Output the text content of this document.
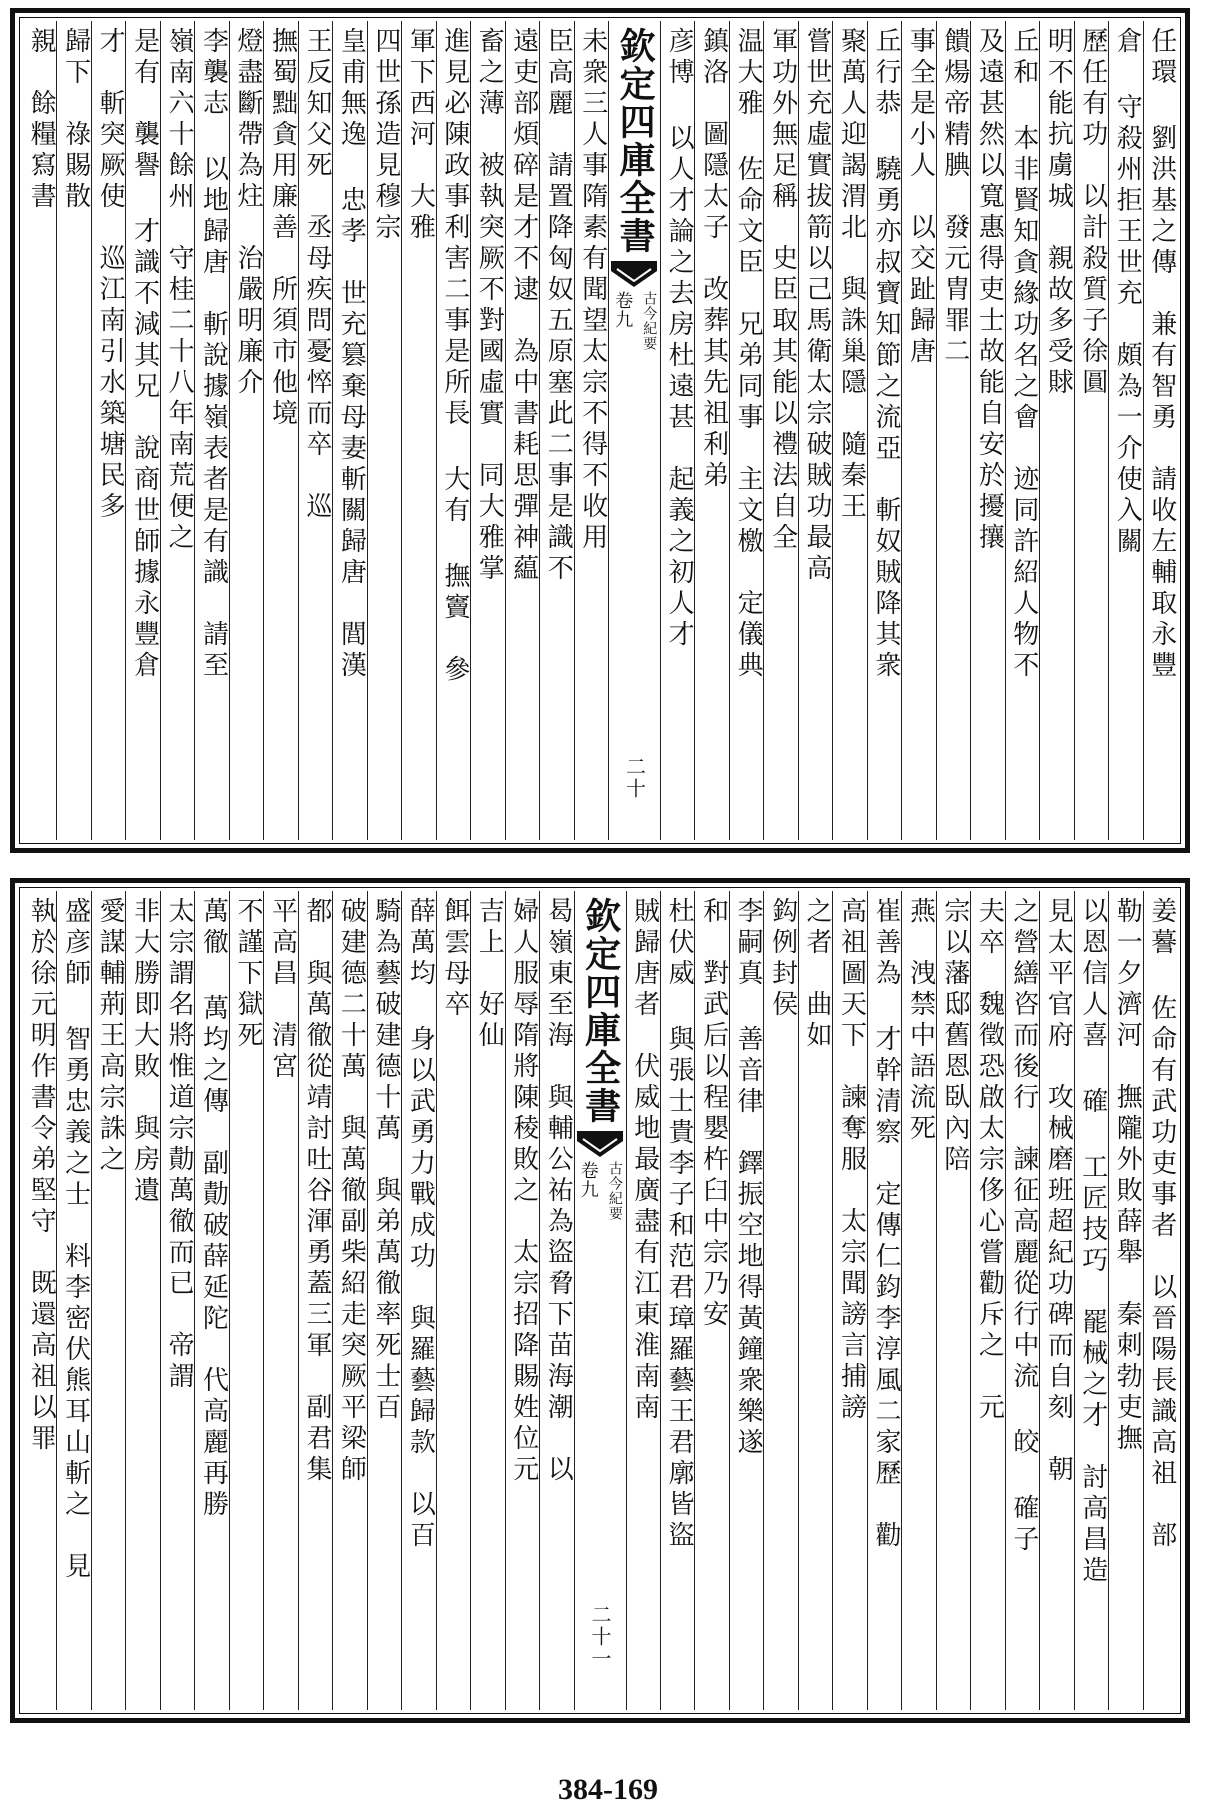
任環 劉洪基之傳　兼有智勇　請收左輔取永豐
倉 守殺州拒王世充　頗為一介使入關
歷任有功　以計殺質子徐圓
明不能抗虜城　親故多受賕
丘和 本非賢知貪緣功名之會　迹同許紹人物不
及遠甚然以寬惠得吏士故能自安於擾攘
饋煬帝精腆　發元胄罪二
事全是小人　以交趾歸唐
丘行恭 驍勇亦叔寶知節之流亞　斬奴賊降其衆
聚萬人迎謁渭北　與誅巢隱　隨秦王
嘗世充虛實拔箭以己馬衛太宗破賊功最高
軍功外無足稱　史臣取其能以禮法自全
温大雅 佐命文臣　兄弟同事　主文檄　定儀典
鎮洛　圖隱太子　改葬其先祖利弟
彦博 以人才論之去房杜遠甚　起義之初人才
欽定四庫全書
古今紀要
卷九
二十
未衆三人事隋素有聞望太宗不得不收用
臣高麗　請置降匈奴五原塞此二事是識不
遠吏部煩碎是才不逮　為中書耗思彈神藴
畜之薄　被執突厥不對國虛實　同大雅掌
進見必陳政事利害二事是所長 大有 撫竇　參
軍下西河　大雅
四世孫造見穆宗
皇甫無逸 忠孝　世充篡棄母妻斬關歸唐　閭漢
王反知父死　丞母疾問憂悴而卒　巡
撫蜀黜貪用廉善　所須市他境
燈盡斷帶為炷　治嚴明廉介
李襲志 以地歸唐　斬說據嶺表者是有識　請至
嶺南六十餘州　守桂二十八年南荒便之
是有　襲譽 才識不減其兄　說商世師據永豐倉
才　斬突厥使　巡江南引水築塘民多
歸下　祿賜散
親　餘糧寫書
姜謩 佐命有武功吏事者　以晉陽長識高祖　部
勒一夕濟河　撫隴外敗薛舉　秦刺勃吏撫
以恩信人喜 確 工匠技巧　罷械之才　討高昌造
見太平官府　攻械磨班超紀功碑而自刻　朝
之營繕咨而後行　諫征高麗從行中流 皎 確子
夫卒　魏徵恐啟太宗侈心嘗勸斥之　元
宗以藩邸舊恩臥內陪
燕　洩禁中語流死
崔善為 才幹清察　定傳仁鈞李淳風二家歷　勸
高祖圖天下　諫奪服　太宗聞謗言捕謗
之者　曲如
鈎例封侯
李嗣真 善音律　鐸振空地得黃鐘衆樂遂
和　對武后以程嬰杵臼中宗乃安
杜伏威 與張士貴李子和范君璋羅藝王君廓皆盜
賊歸唐者　伏威地最廣盡有江東淮南南
欽定四庫全書
古今紀要
卷九
二十一
曷嶺東至海　與輔公祐為盜脅下苗海潮　以
婦人服辱隋將陳稜敗之　太宗招降賜姓位元
吉上　好仙
餌雲母卒
薛萬均 身以武勇力戰成功　與羅藝歸款　以百
騎為藝破建德十萬　與弟萬徹率死士百
破建德二十萬　與萬徹副柴紹走突厥平梁師
都　與萬徹從靖討吐谷渾勇蓋三軍　副君集
平高昌　清宮
不謹下獄死
萬徹 萬均之傳　副勣破薛延陀　代高麗再勝
太宗謂名將惟道宗勣萬徹而已　帝謂
非大勝即大敗　與房遺
愛謀輔荊王高宗誅之
盛彦師 智勇忠義之士　料李密伏熊耳山斬之　見
執於徐元明作書令弟堅守　既還高祖以罪
384-169
